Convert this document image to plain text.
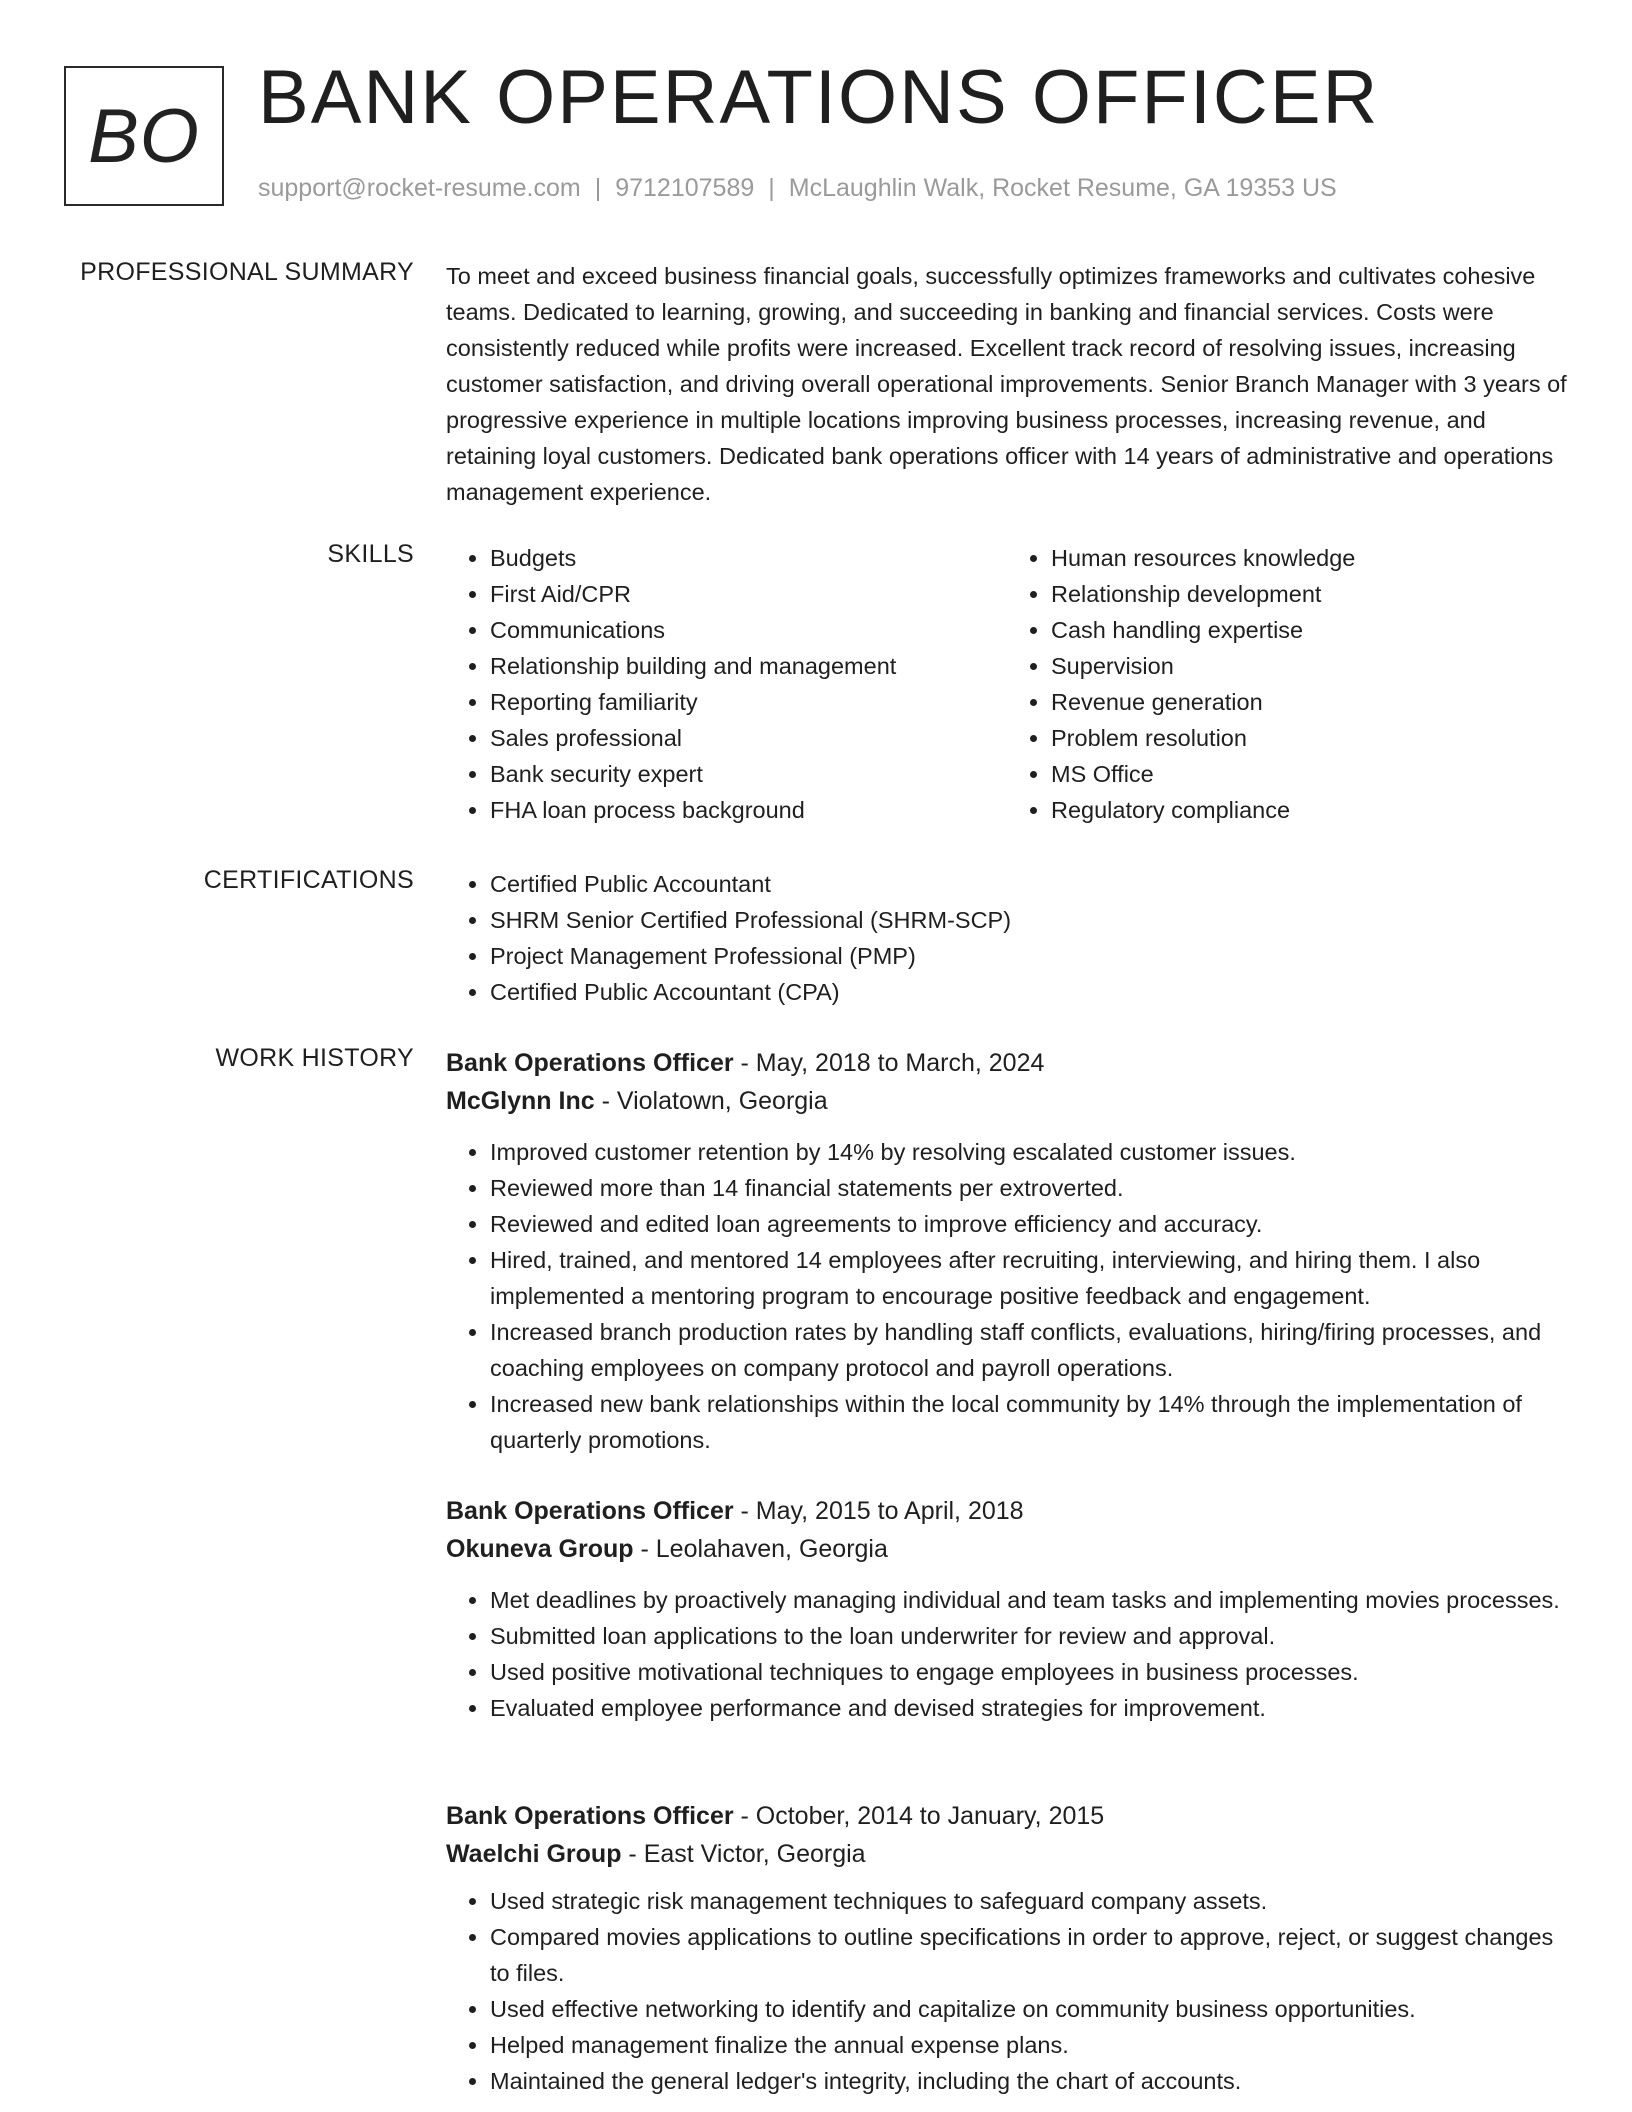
BO BANK OPERATIONS OFFICER
support@rocket-resume.com | 9712107589 | McLaughlin Walk, Rocket Resume, GA 19353 US
PROFESSIONAL SUMMARY To meet and exceed business financial goals, successfully optimizes frameworks and cultivates cohesive teams. Dedicated to learning, growing, and succeeding in banking and financial services. Costs were consistently reduced while profits were increased. Excellent track record of resolving issues, increasing customer satisfaction, and driving overall operational improvements. Senior Branch Manager with 3 years of progressive experience in multiple locations improving business processes, increasing revenue, and retaining loyal customers. Dedicated bank operations officer with 14 years of administrative and operations management experience.

SKILLS	• Budgets
• First Aid/CPR
• Communications
• Relationship building and management
• Reporting familiarity
• Sales professional
• Bank security expert
• FHA loan process background
• Human resources knowledge
• Relationship development
• Cash handling expertise
• Supervision
• Revenue generation
• Problem resolution
• MS Office
• Regulatory compliance
CERTIFICATIONS	• Certified Public Accountant
• SHRM Senior Certified Professional (SHRM-SCP)
• Project Management Professional (PMP)
• Certified Public Accountant (CPA)
WORK HISTORY Bank Operations Officer - May, 2018 to March, 2024
McGlynn Inc - Violatown, Georgia
• Improved customer retention by 14% by resolving escalated customer issues.
• Reviewed more than 14 financial statements per extroverted.
• Reviewed and edited loan agreements to improve efficiency and accuracy.
• Hired, trained, and mentored 14 employees after recruiting, interviewing, and hiring them. I also implemented a mentoring program to encourage positive feedback and engagement.
• Increased branch production rates by handling staff conflicts, evaluations, hiring/firing processes, and coaching employees on company protocol and payroll operations.
• Increased new bank relationships within the local community by 14% through the implementation of quarterly promotions.
Bank Operations Officer - May, 2015 to April, 2018
Okuneva Group - Leolahaven, Georgia
• Met deadlines by proactively managing individual and team tasks and implementing movies processes.
• Submitted loan applications to the loan underwriter for review and approval.
• Used positive motivational techniques to engage employees in business processes.
• Evaluated employee performance and devised strategies for improvement.
Bank Operations Officer - October, 2014 to January, 2015
Waelchi Group - East Victor, Georgia
• Used strategic risk management techniques to safeguard company assets.
• Compared movies applications to outline specifications in order to approve, reject, or suggest changes to files.
• Used effective networking to identify and capitalize on community business opportunities.
• Helped management finalize the annual expense plans.
• Maintained the general ledger's integrity, including the chart of accounts.
